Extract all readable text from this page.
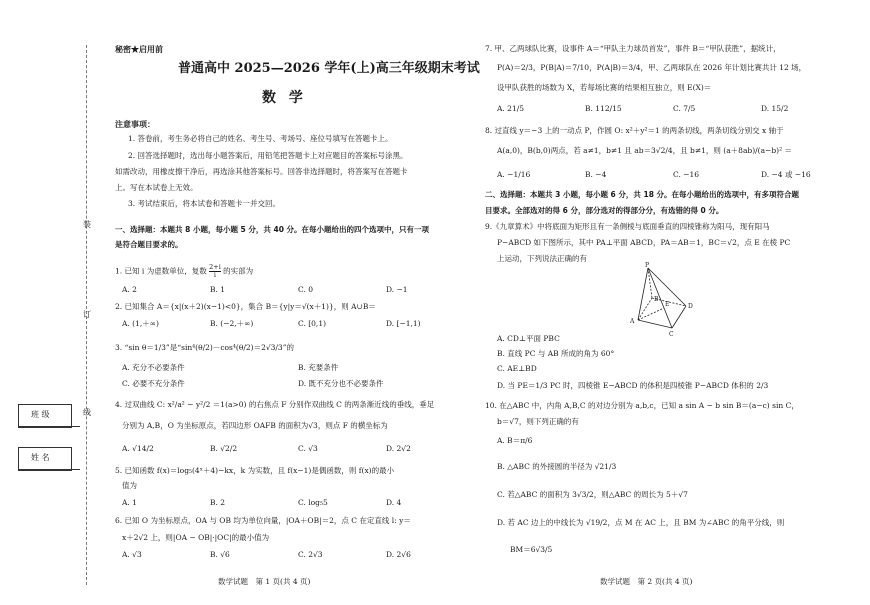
装
订
线
班 级
姓 名
秘密★启用前
普通高中 2025—2026 学年(上)高三年级期末考试
数 学
注意事项：
1. 答卷前，考生务必将自己的姓名、考生号、考场号、座位号填写在答题卡上。
2. 回答选择题时，选出每小题答案后，用铅笔把答题卡上对应题目的答案标号涂黑。
如需改动，用橡皮擦干净后，再选涂其他答案标号。回答非选择题时，将答案写在答题卡
上。写在本试卷上无效。
3. 考试结束后，将本试卷和答题卡一并交回。
一、选择题：本题共 8 小题，每小题 5 分，共 40 分。在每小题给出的四个选项中，只有一项
是符合题目要求的。
1. 已知 i 为虚数单位，复数 $\frac{2+i}{i}$ 的实部为
A. 2	B. 1	C. 0	D. −1
2. 已知集合 A＝{x|(x＋2)(x−1)<0}，集合 B＝{y|y＝√(x＋1)}，则 A∪B＝
A. (1,＋∞)	B. (−2,＋∞)	C. [0,1)	D. [−1,1)
3. “sin θ＝1/3”是“sin⁴(θ/2)－cos⁴(θ/2)＝2√3/3”的
A. 充分不必要条件	B. 充要条件
C. 必要不充分条件	D. 既不充分也不必要条件
4. 过双曲线 C: x²/a² − y²/2 ＝1(a>0) 的右焦点 F 分别作双曲线 C 的两条渐近线的垂线，垂足
分别为 A,B，O 为坐标原点，若四边形 OAFB 的面积为√3，则点 F 的横坐标为
A. √14/2	B. √2/2	C. √3	D. 2√2
5. 已知函数 f(x)＝log₅(4ˣ＋4)−kx，k 为实数，且 f(x−1)是偶函数，则 f(x)的最小
值为
A. 1	B. 2	C. log₅5	D. 4
6. 已知 O 为坐标原点，OA 与 OB 均为单位向量，|OA＋OB|＝2，点 C 在定直线 l: y＝
x＋2√2 上，则|OA − OB|·|OC|的最小值为
A. √3	B. √6	C. 2√3	D. 2√6
数学试题　第 1 页(共 4 页)
7. 甲、乙两球队比赛，设事件 A＝“甲队主力球员首发”，事件 B＝“甲队获胜”，据统计，
P(A)＝2/3，P(B|A)＝7/10，P(A|B)＝3/4，甲、乙两球队在 2026 年计划比赛共计 12 场，
设甲队获胜的场数为 X，若每场比赛的结果相互独立，则 E(X)＝
A. 21/5	B. 112/15	C. 7/5	D. 15/2
8. 过直线 y＝−3 上的一动点 P，作圆 O: x²＋y²＝1 的两条切线，两条切线分别交 x 轴于
A(a,0)，B(b,0)两点，若 a≠1，b≠1 且 ab＝3√2/4，且 b≠1，则 (a＋8ab)/(a−b)² ＝
A. −1/16	B. −4	C. −16	D. −4 或 −16
二、选择题：本题共 3 小题，每小题 6 分，共 18 分。在每小题给出的选项中，有多项符合题
目要求。全部选对的得 6 分，部分选对的得部分分，有选错的得 0 分。
9.《九章算术》中将底面为矩形且有一条侧棱与底面垂直的四棱锥称为阳马，现有阳马
P−ABCD 如下图所示，其中 PA⊥平面 ABCD，PA＝AB＝1，BC＝√2，点 E 在棱 PC
上运动，下列说法正确的有
P
E
A
B
C
D
A. CD⊥平面 PBC
B. 直线 PC 与 AB 所成的角为 60°
C. AE⊥BD
D. 当 PE＝1/3 PC 时，四棱锥 E−ABCD 的体积是四棱锥 P−ABCD 体积的 2/3
10. 在△ABC 中，内角 A,B,C 的对边分别为 a,b,c，已知 a sin A − b sin B＝(a−c) sin C，
b＝√7，则下列正确的有
A. B＝π/6
B. △ABC 的外接圆的半径为 √21/3
C. 若△ABC 的面积为 3√3/2，则△ABC 的周长为 5＋√7
D. 若 AC 边上的中线长为 √19/2，点 M 在 AC 上，且 BM 为∠ABC 的角平分线，则
BM＝6√3/5
数学试题　第 2 页(共 4 页)
